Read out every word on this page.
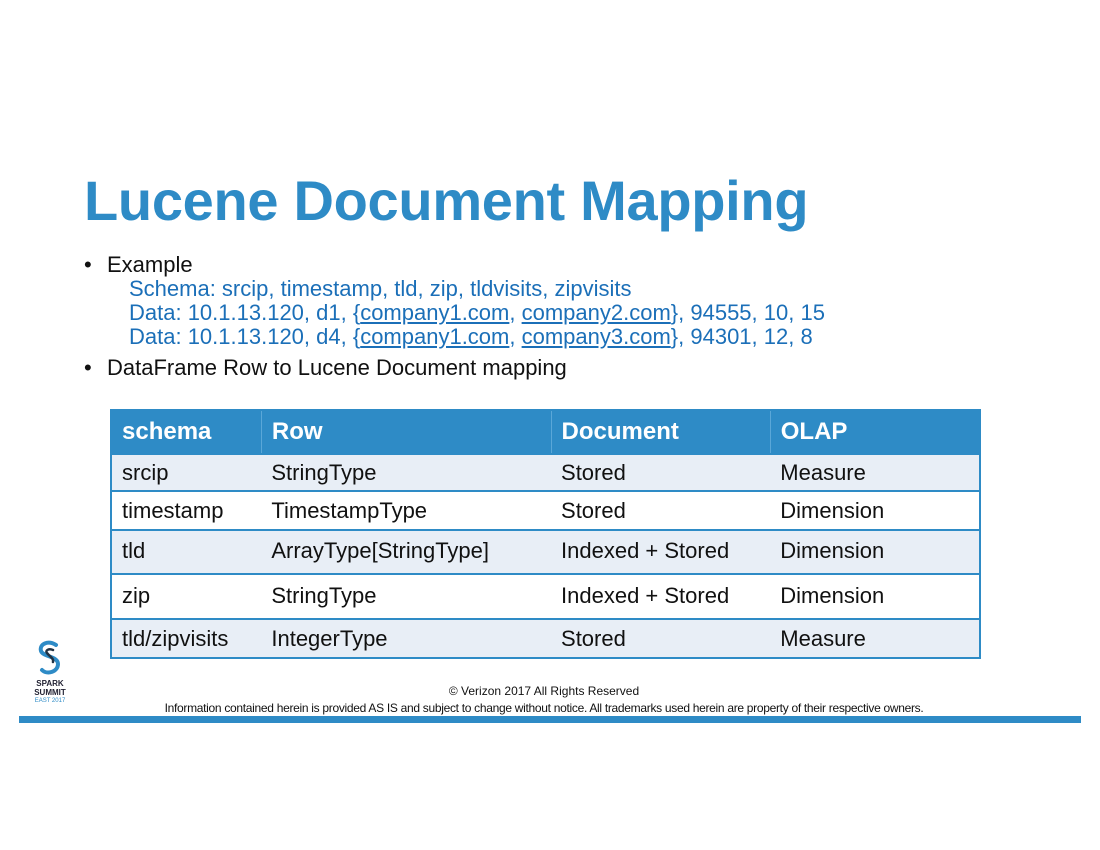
Lucene Document Mapping
• Example
Schema: srcip, timestamp, tld, zip, tldvisits, zipvisits
Data: 10.1.13.120, d1, {company1.com, company2.com}, 94555, 10, 15
Data: 10.1.13.120, d4, {company1.com, company3.com}, 94301, 12, 8
• DataFrame Row to Lucene Document mapping
schema	Row	Document	OLAP
srcip	StringType	Stored	Measure
timestamp	TimestampType	Stored	Dimension
tld	ArrayType[StringType]	Indexed + Stored	Dimension
zip	StringType	Indexed + Stored	Dimension
tld/zipvisits	IntegerType	Stored	Measure
SPARK
SUMMIT
EAST 2017
© Verizon 2017 All Rights Reserved
Information contained herein is provided AS IS and subject to change without notice. All trademarks used herein are property of their respective owners.
